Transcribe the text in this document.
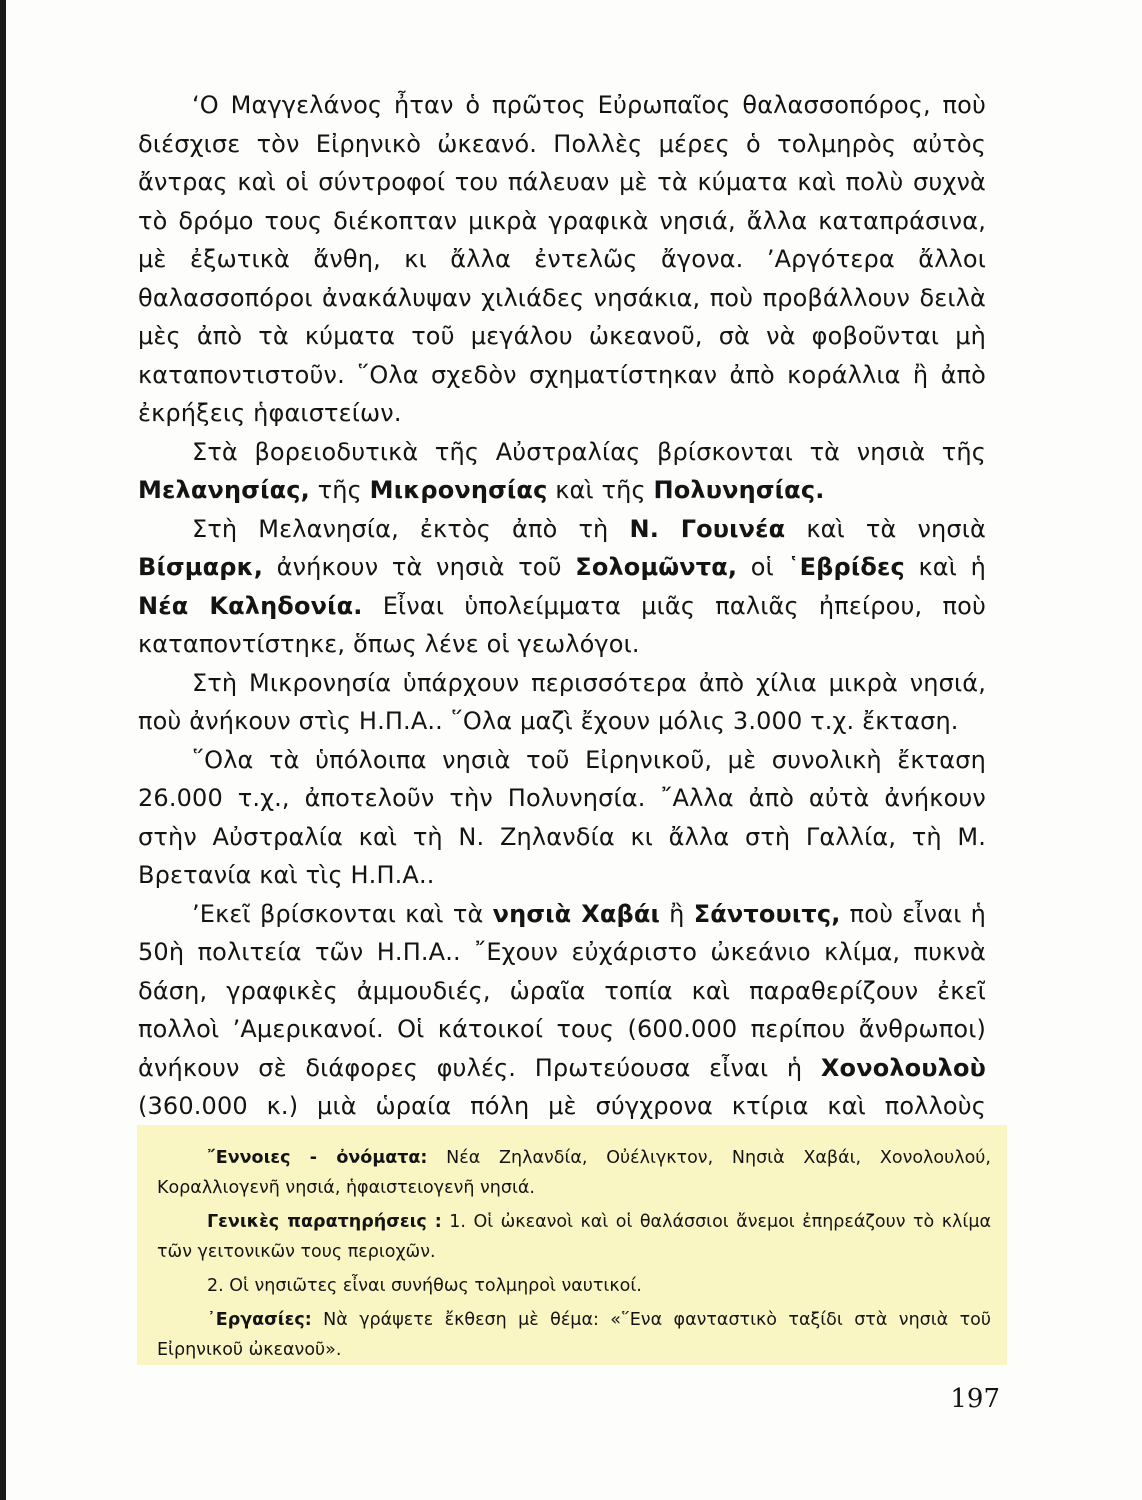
‘Ο Μαγγελάνος ἦταν ὁ πρῶτος Εὐρωπαῖος θαλασσοπόρος, ποὺ διέσχισε τὸν Εἰρηνικὸ ὠκεανό. Πολλὲς μέρες ὁ τολμηρὸς αὐτὸς ἄντρας καὶ οἱ σύντροφοί του πάλευαν μὲ τὰ κύματα καὶ πολὺ συχνὰ τὸ δρόμο τους διέκοπταν μικρὰ γραφικὰ νησιά, ἄλλα καταπράσινα, μὲ ἐξωτικὰ ἄνθη, κι ἄλλα ἐντελῶς ἄγονα. ’Αργότερα ἄλλοι θαλασσοπόροι ἀνακάλυψαν χιλιάδες νησάκια, ποὺ προβάλλουν δειλὰ μὲς ἀπὸ τὰ κύματα τοῦ μεγάλου ὠκεανοῦ, σὰ νὰ φοβοῦνται μὴ καταποντιστοῦν. ῞Ολα σχεδὸν σχηματίστηκαν ἀπὸ κοράλλια ἢ ἀπὸ ἐκρήξεις ἡφαιστείων.

Στὰ βορειοδυτικὰ τῆς Αὐστραλίας βρίσκονται τὰ νησιὰ τῆς Μελανησίας, τῆς Μικρονησίας καὶ τῆς Πολυνησίας.

Στὴ Μελανησία, ἐκτὸς ἀπὸ τὴ Ν. Γουινέα καὶ τὰ νησιὰ Βίσμαρκ, ἀνήκουν τὰ νησιὰ τοῦ Σολομῶντα, οἱ ῾Εβρίδες καὶ ἡ Νέα Καληδονία. Εἶναι ὑπολείμματα μιᾶς παλιᾶς ἠπείρου, ποὺ καταποντίστηκε, ὅπως λένε οἱ γεωλόγοι.

Στὴ Μικρονησία ὑπάρχουν περισσότερα ἀπὸ χίλια μικρὰ νησιά, ποὺ ἀνήκουν στὶς Η.Π.Α.. ῞Ολα μαζὶ ἔχουν μόλις 3.000 τ.χ. ἔκταση.

῞Ολα τὰ ὑπόλοιπα νησιὰ τοῦ Εἰρηνικοῦ, μὲ συνολικὴ ἔκταση 26.000 τ.χ., ἀποτελοῦν τὴν Πολυνησία. ῎Αλλα ἀπὸ αὐτὰ ἀνήκουν στὴν Αὐστραλία καὶ τὴ Ν. Ζηλανδία κι ἄλλα στὴ Γαλλία, τὴ Μ. Βρετανία καὶ τὶς Η.Π.Α..

’Εκεῖ βρίσκονται καὶ τὰ νησιὰ Χαβάι ἢ Σάντουιτς, ποὺ εἶναι ἡ 50ὴ πολιτεία τῶν Η.Π.Α.. ῎Εχουν εὐχάριστο ὠκεάνιο κλίμα, πυκνὰ δάση, γραφικὲς ἀμμουδιές, ὡραῖα τοπία καὶ παραθερίζουν ἐκεῖ πολλοὶ ’Αμερικανοί. Οἱ κάτοικοί τους (600.000 περίπου ἄνθρωποι) ἀνήκουν σὲ διάφορες φυλές. Πρωτεύουσα εἶναι ἡ Χονολουλοὺ (360.000 κ.) μιὰ ὡραία πόλη μὲ σύγχρονα κτίρια καὶ πολλοὺς

῎Εννοιες - ὀνόματα: Νέα Ζηλανδία, Οὐέλιγκτον, Νησιὰ Χαβάι, Χονολουλού, Κοραλλιογενῆ νησιά, ἡφαιστειογενῆ νησιά.

Γενικὲς παρατηρήσεις : 1. Οἱ ὠκεανοὶ καὶ οἱ θαλάσσιοι ἄνεμοι ἐπηρεάζουν τὸ κλίμα τῶν γειτονικῶν τους περιοχῶν.

2. Οἱ νησιῶτες εἶναι συνήθως τολμηροὶ ναυτικοί.

᾽Εργασίες: Νὰ γράψετε ἔκθεση μὲ θέμα: «῞Ενα φανταστικὸ ταξίδι στὰ νησιὰ τοῦ Εἰρηνικοῦ ὠκεανοῦ».

197
